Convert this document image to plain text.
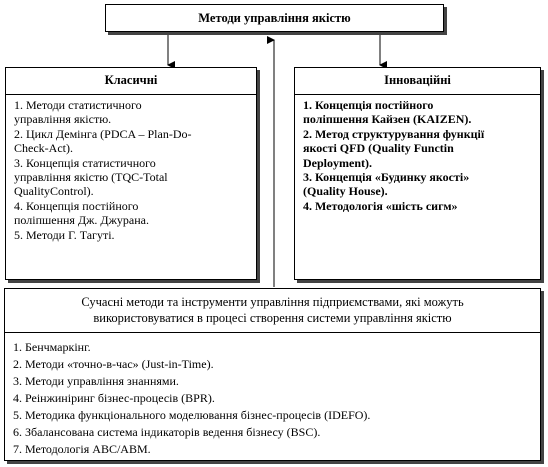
Методи управління якістю
Класичні
1. Методи статистичного
управління якістю.
2. Цикл Демінга (PDCA – Plan-Do-
Check-Act).
3. Концепція статистичного
управління якістю (TQC-Total
QualityControl).
4. Концепція постійного
поліпшення Дж. Джурана.
5. Методи Г. Тагуті.
Інноваційні
1. Концепція постійного
поліпшення Кайзен (KAIZEN).
2. Метод структурування функції
якості QFD (Quality Functin
Deployment).
3. Концепція «Будинку якості»
(Quality House).
4. Методологія «шість сигм»
Сучасні методи та інструменти управління підприємствами, які можуть
використовуватися в процесі створення системи управління якістю
1. Бенчмаркінг.
2. Методи «точно-в-час» (Just-in-Time).
3. Методи управління знаннями.
4. Реінжиніринг бізнес-процесів (BPR).
5. Методика функціонального моделювання бізнес-процесів (IDEFO).
6. Збалансована система індикаторів ведення бізнесу (BSC).
7. Методологія ABC/ABM.
